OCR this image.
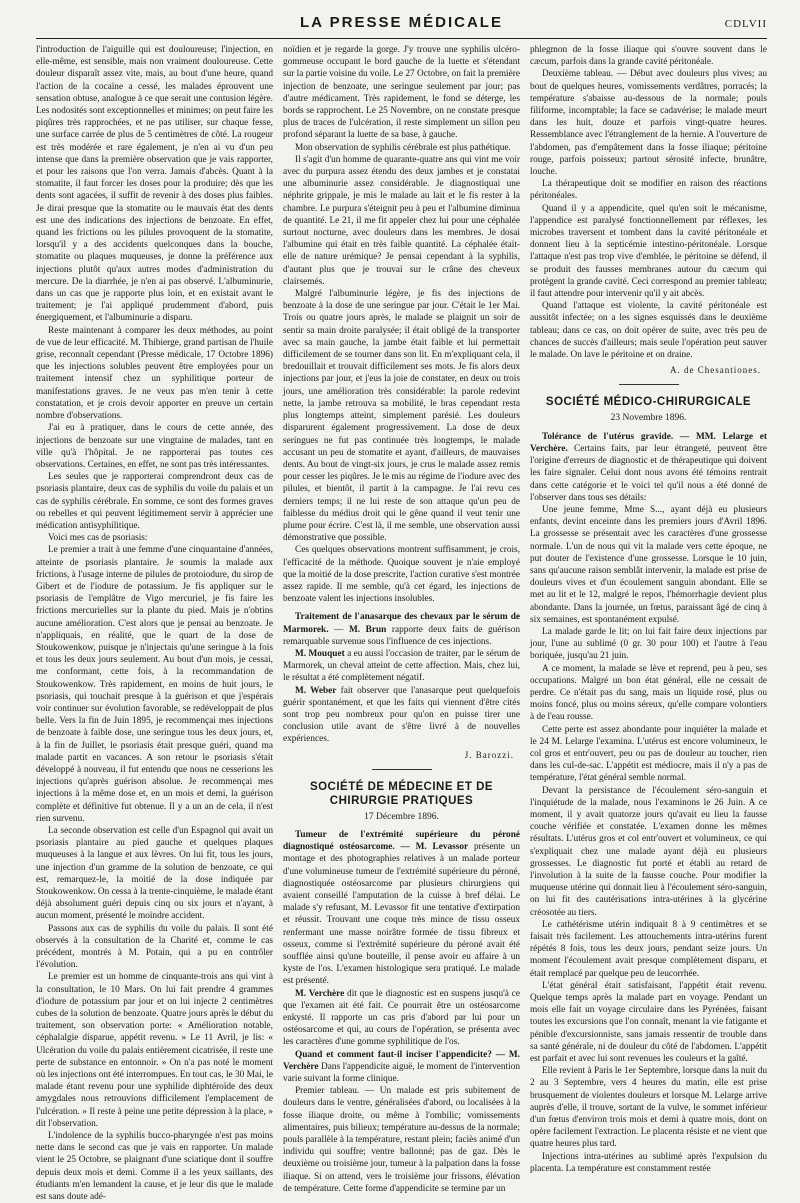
LA PRESSE MÉDICALE	CDLVII

l'introduction de l'aiguille qui est douloureuse; l'injection, en elle-même, est sensible, mais non vraiment douloureuse. Cette douleur disparaît assez vite, mais, au bout d'une heure, quand l'action de la cocaïne a cessé, les malades éprouvent une sensation obtuse, analogue à ce que serait une contusion légère. Les nodosités sont exceptionnelles et minimes; on peut faire les piqûres très rapprochées, et ne pas utiliser, sur chaque fesse, une surface carrée de plus de 5 centimètres de côté. La rougeur est très modérée et rare également, je n'en ai vu d'un peu intense que dans la première observation que je vais rapporter, et pour les raisons que l'on verra. Jamais d'abcès. Quant à la stomatite, il faut forcer les doses pour la produire; dès que les dents sont agacées, il suffit de revenir à des doses plus faibles. Je dirai presque que la stomatite ou le mauvais état des dents est une des indications des injections de benzoate. En effet, quand les frictions ou les pilules provoquent de la stomatite, lorsqu'il y a des accidents quelconques dans la bouche, stomatite ou plaques muqueuses, je donne la préférence aux injections plutôt qu'aux autres modes d'administration du mercure. De la diarrhée, je n'en ai pas observé. L'albuminurie, dans un cas que je rapporte plus loin, et en existait avant le traitement; je l'ai appliqué prudemment d'abord, puis énergiquement, et l'albuminurie a disparu.

Reste maintenant à comparer les deux méthodes, au point de vue de leur efficacité. M. Thibierge, grand partisan de l'huile grise, reconnaît cependant (Presse médicale, 17 Octobre 1896) que les injections solubles peuvent être employées pour un traitement intensif chez un syphilitique porteur de manifestations graves. Je ne veux pas m'en tenir à cette constatation, et je crois devoir apporter en preuve un certain nombre d'observations.

J'ai eu à pratiquer, dans le cours de cette année, des injections de benzoate sur une vingtaine de malades, tant en ville qu'à l'hôpital. Je ne rapporterai pas toutes ces observations. Certaines, en effet, ne sont pas très intéressantes.

Les seules que je rapporterai comprendront deux cas de psoriasis plantaire, deux cas de syphilis du voile du palais et un cas de syphilis cérébrale. En somme, ce sont des formes graves ou rebelles et qui peuvent légitimement servir à apprécier une médication antisyphilitique.

Voici mes cas de psoriasis:

Le premier a trait à une femme d'une cinquantaine d'années, atteinte de psoriasis plantaire. Je soumis la malade aux frictions, à l'usage interne de pilules de protoiodure, du sirop de Gibert et de l'iodure de potassium. Je fis appliquer sur le psoriasis de l'emplâtre de Vigo mercuriel, je fis faire les frictions mercurielles sur la plante du pied. Mais je n'obtins aucune amélioration. C'est alors que je pensai au benzoate. Je n'appliquais, en réalité, que le quart de la dose de Stoukowenkow, puisque je n'injectais qu'une seringue à la fois et tous les deux jours seulement. Au bout d'un mois, je cessai, me conformant, cette fois, à la recommandation de Stoukowenkow. Très rapidement, en moins de huit jours, le psoriasis, qui touchait presque à la guérison et que j'espérais voir continuer sur évolution favorable, se redéveloppait de plus belle. Vers la fin de Juin 1895, je recommençai mes injections de benzoate à faible dose, une seringue tous les deux jours, et, à la fin de Juillet, le psoriasis était presque guéri, quand ma malade partit en vacances. A son retour le psoriasis s'était développé à nouveau, il fut entendu que nous ne cesserions les injections qu'après guérison absolue. Je recommençai mes injections à la même dose et, en un mois et demi, la guérison complète et définitive fut obtenue. Il y a un an de cela, il n'est rien survenu.

La seconde observation est celle d'un Espagnol qui avait un psoriasis plantaire au pied gauche et quelques plaques muqueuses à la langue et aux lèvres. On lui fit, tous les jours, une injection d'un gramme de la solution de benzoate, ce qui est, remarquez-le, la moitié de la dose indiquée par Stoukowenkow. On cessa à la trente-cinquième, le malade étant déjà absolument guéri depuis cinq ou six jours et n'ayant, à aucun moment, présenté le moindre accident.

Passons aux cas de syphilis du voile du palais. Il sont été observés à la consultation de la Charité et, comme le cas précédent, montrés à M. Potain, qui a pu en contrôler l'évolution.

Le premier est un homme de cinquante-trois ans qui vint à la consultation, le 10 Mars. On lui fait prendre 4 grammes d'iodure de potassium par jour et on lui injecte 2 centimètres cubes de la solution de benzoate. Quatre jours après le début du traitement, son observation porte: « Amélioration notable, céphalalgie disparue, appétit revenu. » Le 11 Avril, je lis: « Ulcération du voile du palais entièrement cicatrisée, il reste une perte de substance en entonnoir. » On n'a pas noté le moment où les injections ont été interrompues. En tout cas, le 30 Mai, le malade étant revenu pour une syphilide diphtéroïde des deux amygdales nous retrouvions difficilement l'emplacement de l'ulcération. » Il reste à peine une petite dépression à la place, » dit l'observation.

L'indolence de la syphilis bucco-pharyngée n'est pas moins nette dans le second cas que je vais en rapporter. Un malade vient le 25 Octobre, se plaignant d'une sciatique dont il souffre depuis deux mois et demi. Comme il a les yeux saillants, des étudiants m'en lemandent la cause, et je leur dis que le malade est sans doute adé-

noïdien et je regarde la gorge. J'y trouve une syphilis ulcéro-gommeuse occupant le bord gauche de la luette et s'étendant sur la partie voisine du voile. Le 27 Octobre, on fait la première injection de benzoate, une seringue seulement par jour; pas d'autre médicament. Très rapidement, le fond se déterge, les bords se rapprochent. Le 25 Novembre, on ne constate presque plus de traces de l'ulcération, il reste simplement un sillon peu profond séparant la luette de sa base, à gauche.

Mon observation de syphilis cérébrale est plus pathétique.

Il s'agit d'un homme de quarante-quatre ans qui vint me voir avec du purpura assez étendu des deux jambes et je constatai une albuminurie assez considérable. Je diagnostiquai une néphrite grippale, je mis le malade au lait et le fis rester à la chambre. Le purpura s'éteignit peu à peu et l'albumine diminua de quantité. Le 21, il me fit appeler chez lui pour une céphalée surtout nocturne, avec douleurs dans les membres. Je dosai l'albumine qui était en très faible quantité. La céphalée était-elle de nature urémique? Je pensai cependant à la syphilis, d'autant plus que je trouvai sur le crâne des cheveux clairsemés.

Malgré l'albuminurie légère, je fis des injections de benzoate à la dose de une seringue par jour. C'était le 1er Mai. Trois ou quatre jours après, le malade se plaignit un soir de sentir sa main droite paralysée; il était obligé de la transporter avec sa main gauche, la jambe était faible et lui permettait difficilement de se tourner dans son lit. En m'expliquant cela, il bredouillait et trouvait difficilement ses mots. Je fis alors deux injections par jour, et j'eus la joie de constater, en deux ou trois jours, une amélioration très considérable: la parole redevint nette, la jambe retrouva sa mobilité, le bras cependant resta plus longtemps atteint, simplement parésié. Les douleurs disparurent également progressivement. La dose de deux seringues ne fut pas continuée très longtemps, le malade accusant un peu de stomatite et ayant, d'ailleurs, de mauvaises dents. Au bout de vingt-six jours, je crus le malade assez remis pour cesser les piqûres. Je le mis au régime de l'iodure avec des pilules, et bientôt, il partit à la campagne. Je l'ai revu ces derniers temps; il ne lui reste de son attaque qu'un peu de faiblesse du médius droit qui le gêne quand il veut tenir une plume pour écrire. C'est là, il me semble, une observation aussi démonstrative que possible.

Ces quelques observations montrent suffisamment, je crois, l'efficacité de la méthode. Quoique souvent je n'aie employé que la moitié de la dose prescrite, l'action curative s'est montrée assez rapide. Il me semble, qu'à cet égard, les injections de benzoate valent les injections insolubles.

Traitement de l'anasarque des chevaux par le sérum de Marmorek. — M. Brun rapporte deux faits de guérison remarquable survenue sous l'influence de ces injections.

M. Mouquet a eu aussi l'occasion de traiter, par le sérum de Marmorek, un cheval atteint de cette affection. Mais, chez lui, le résultat a été complètement négatif.

M. Weber fait observer que l'anasarque peut quelquefois guérir spontanément, et que les faits qui viennent d'être cités sont trop peu nombreux pour qu'on en puisse tirer une conclusion utile avant de s'être livré à de nouvelles expériences.

J. Barozzi.
SOCIÉTÉ DE MÉDECINE ET DE CHIRURGIE PRATIQUES
17 Décembre 1896.

Tumeur de l'extrémité supérieure du péroné diagnostiqué ostéosarcome. — M. Levassor présente un montage et des photographies relatives à un malade porteur d'une volumineuse tumeur de l'extrémité supérieure du péroné, diagnostiquée ostéosarcome par plusieurs chirurgiens qui avaient conseillé l'amputation de la cuisse à bref délai. Le malade s'y refusant, M. Levassor fit une tentative d'extirpation et réussit. Trouvant une coque très mince de tissu osseux renfermant une masse noirâtre formée de tissu fibreux et osseux, comme si l'extrémité supérieure du péroné avait été soufflée ainsi qu'une bouteille, il pense avoir eu affaire à un kyste de l'os. L'examen histologique sera pratiqué. Le malade est présenté.

M. Verchère dit que le diagnostic est en suspens jusqu'à ce que l'examen ait été fait. Ce pourrait être un ostéosarcome enkysté. Il rapporte un cas pris d'abord par lui pour un ostéosarcome et qui, au cours de l'opération, se présenta avec les caractères d'une gomme syphilitique de l'os.

Quand et comment faut-il inciser l'appendicite? — M. Verchère Dans l'appendicite aiguë, le moment de l'intervention varie suivant la forme clinique.

Premier tableau. — Un malade est pris subitement de douleurs dans le ventre, généralisées d'abord, ou localisées à la fosse iliaque droite, ou même à l'ombilic; vomissements alimentaires, puis bilieux; température au-dessus de la normale; pouls parallèle à la température, restant plein; faciès animé d'un individu qui souffre; ventre ballonné; pas de gaz. Dès le deuxième ou troisième jour, tumeur à la palpation dans la fosse iliaque. Si on attend, vers le troisième jour frissons, élévation de température. Cette forme d'appendicite se termine par un

phlegmon de la fosse iliaque qui s'ouvre souvent dans le cæcum, parfois dans la grande cavité péritonéale.

Deuxième tableau. — Début avec douleurs plus vives; au bout de quelques heures, vomissements verdâtres, porracés; la température s'abaisse au-dessous de la normale; pouls filiforme, incomptable; la face se cadavérise; le malade meurt dans les huit, douze et parfois vingt-quatre heures. Ressemblance avec l'étranglement de la hernie. A l'ouverture de l'abdomen, pas d'empâtement dans la fosse iliaque; péritoine rouge, parfois poisseux; partout sérosité infecte, brunâtre, louche.

La thérapeutique doit se modifier en raison des réactions péritonéales.

Quand il y a appendicite, quel qu'en soit le mécanisme, l'appendice est paralysé fonctionnellement par réflexes, les microbes traversent et tombent dans la cavité péritonéale et donnent lieu à la septicémie intestino-péritonéale. Lorsque l'attaque n'est pas trop vive d'emblée, le péritoine se défend, il se produit des fausses membranes autour du cæcum qui protègent la grande cavité. Ceci correspond au premier tableau; il faut attendre pour intervenir qu'il y ait abcès.

Quand l'attaque est violente, la cavité péritonéale est aussitôt infectée; on a les signes esquissés dans le deuxième tableau; dans ce cas, on doit opérer de suite, avec très peu de chances de succès d'ailleurs; mais seule l'opération peut sauver le malade. On lave le péritoine et on draine.

A. de Chesantiones.
SOCIÉTÉ MÉDICO-CHIRURGICALE
23 Novembre 1896.

Tolérance de l'utérus gravide. — MM. Lelarge et Verchère. Certains faits, par leur étrangeté, peuvent être l'origine d'erreurs de diagnostic et de thérapeutique qui doivent les faire signaler. Celui dont nous avons été témoins rentrait dans cette catégorie et le voici tel qu'il nous a été donné de l'observer dans tous ses détails:

Une jeune femme, Mme S..., ayant déjà eu plusieurs enfants, devint enceinte dans les premiers jours d'Avril 1896. La grossesse se présentait avec les caractères d'une grossesse normale. L'un de nous qui vit la malade vers cette époque, ne put douter de l'existence d'une grossesse. Lorsque le 10 juin, sans qu'aucune raison semblât intervenir, la malade est prise de douleurs vives et d'un écoulement sanguin abondant. Elle se met au lit et le 12, malgré le repos, l'hémorrhagie devient plus abondante. Dans la journée, un fœtus, paraissant âgé de cinq à six semaines, est spontanément expulsé.

La malade garde le lit; on lui fait faire deux injections par jour, l'une au sublimé (0 gr. 30 pour 100) et l'autre à l'eau boriquée, jusqu'au 21 juin.

A ce moment, la malade se lève et reprend, peu à peu, ses occupations. Malgré un bon état général, elle ne cessait de perdre. Ce n'était pas du sang, mais un liquide rosé, plus ou moins foncé, plus ou moins séreux, qu'elle compare volontiers à de l'eau rousse.

Cette perte est assez abondante pour inquiéter la malade et le 24 M. Lelarge l'examina. L'utérus est encore volumineux, le col gros et entr'ouvert, peu ou pas de douleur au toucher, rien dans les cul-de-sac. L'appétit est médiocre, mais il n'y a pas de température, l'état général semble normal.

Devant la persistance de l'écoulement séro-sanguin et l'inquiétude de la malade, nous l'examinons le 26 Juin. A ce moment, il y avait quatorze jours qu'avait eu lieu la fausse couche vérifiée et constatée. L'examen donne les mêmes résultats. L'utérus gros et col entr'ouvert et volumineux, ce qui s'expliquait chez une malade ayant déjà eu plusieurs grossesses. Le diagnostic fut porté et établi au retard de l'involution à la suite de la fausse couche. Pour modifier la muqueuse utérine qui donnait lieu à l'écoulement séro-sanguin, on lui fit des cautérisations intra-utérines à la glycérine créosotée au tiers.

Le cathétérisme utérin indiquait 8 à 9 centimètres et se faisait très facilement. Les attouchements intra-utérins furent répétés 8 fois, tous les deux jours, pendant seize jours. Un moment l'écoulement avait presque complètement disparu, et était remplacé par quelque peu de leucorrhée.

L'état général était satisfaisant, l'appétit était revenu. Quelque temps après la malade part en voyage. Pendant un mois elle fait un voyage circulaire dans les Pyrénées, faisant toutes les excursions que l'on connaît, menant la vie fatigante et pénible d'excursionniste, sans jamais ressentir de trouble dans sa santé générale, ni de douleur du côté de l'abdomen. L'appétit est parfait et avec lui sont revenues les couleurs et la gaîté.

Elle revient à Paris le 1er Septembre, lorsque dans la nuit du 2 au 3 Septembre, vers 4 heures du matin, elle est prise brusquement de violentes douleurs et lorsque M. Lelarge arrive auprès d'elle, il trouve, sortant de la vulve, le sommet inférieur d'un fœtus d'environ trois mois et demi à quatre mois, dont on opère facilement l'extraction. Le placenta résiste et ne vient que quatre heures plus tard.

Injections intra-utérines au sublimé après l'expulsion du placenta. La température est constamment restée
